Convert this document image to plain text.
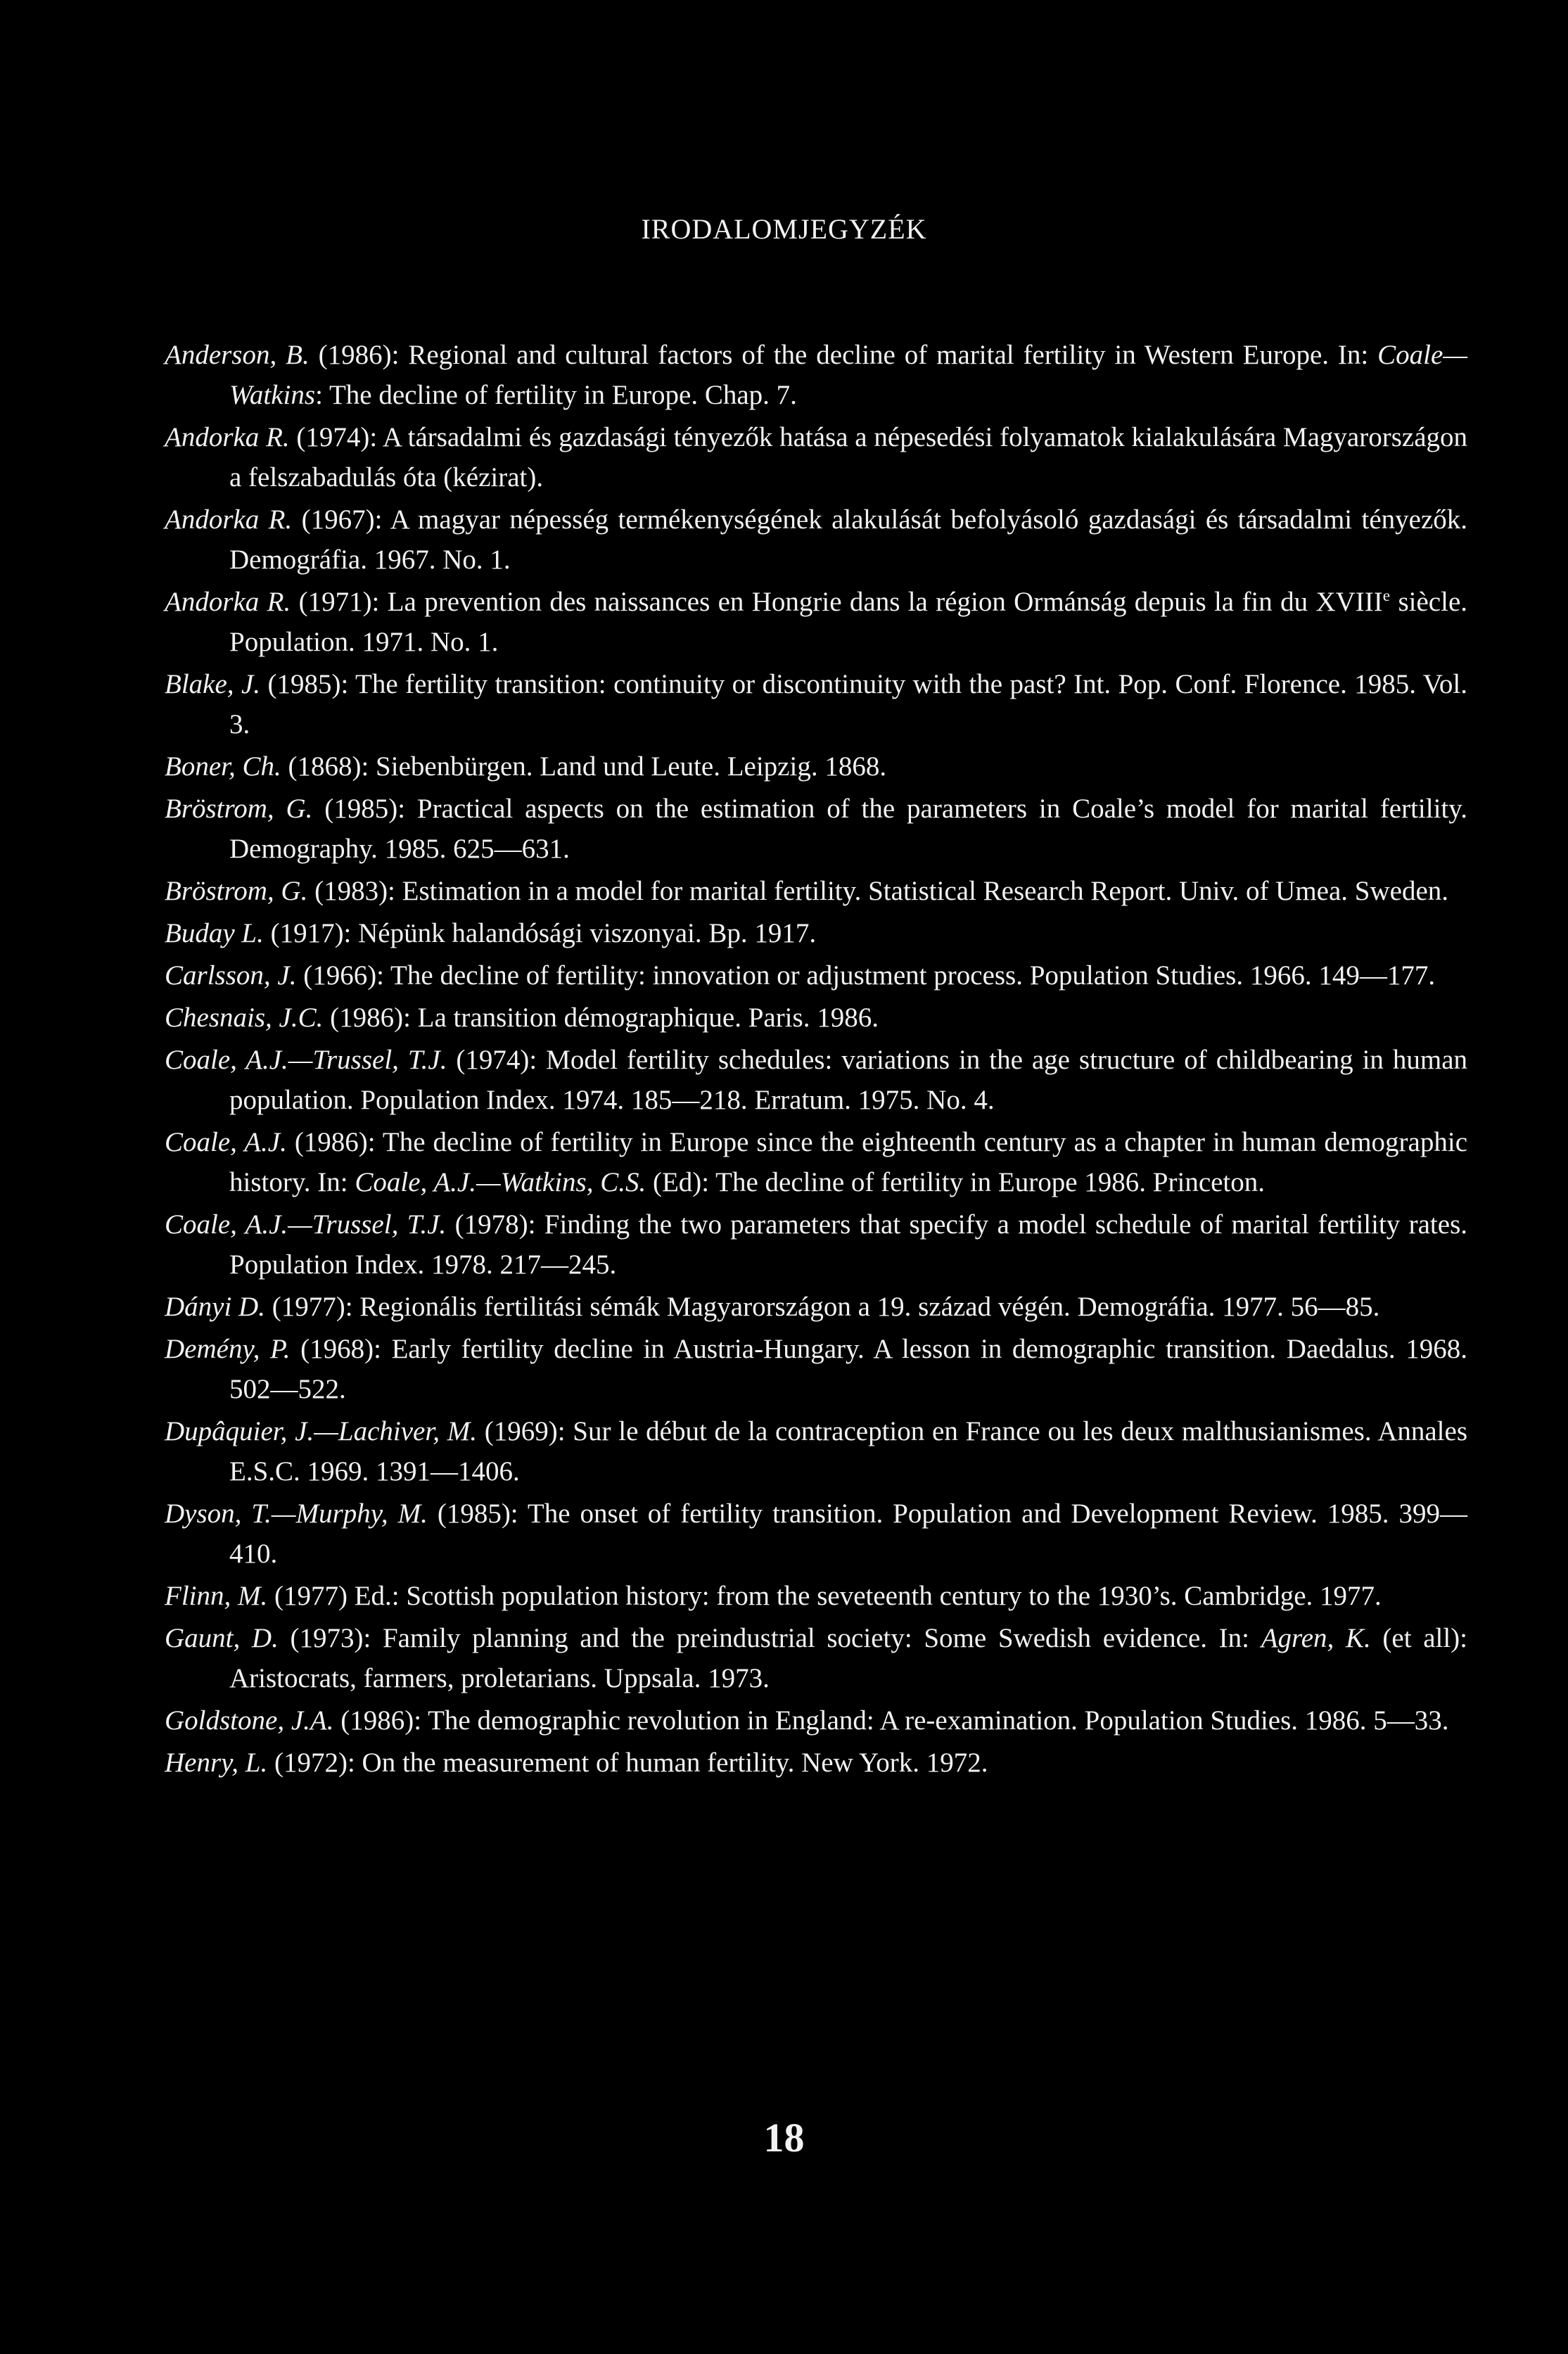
IRODALOMJEGYZÉK

Anderson, B. (1986): Regional and cultural factors of the decline of marital fertility in Western Europe. In: Coale—Watkins: The decline of fertility in Europe. Chap. 7.

Andorka R. (1974): A társadalmi és gazdasági tényezők hatása a népesedési folyamatok kialakulására Magyarországon a felszabadulás óta (kézirat).

Andorka R. (1967): A magyar népesség termékenységének alakulását befolyásoló gazdasági és társadalmi tényezők. Demográfia. 1967. No. 1.

Andorka R. (1971): La prevention des naissances en Hongrie dans la région Ormánság depuis la fin du XVIIIe siècle. Population. 1971. No. 1.

Blake, J. (1985): The fertility transition: continuity or discontinuity with the past? Int. Pop. Conf. Florence. 1985. Vol. 3.

Boner, Ch. (1868): Siebenbürgen. Land und Leute. Leipzig. 1868.

Bröstrom, G. (1985): Practical aspects on the estimation of the parameters in Coale’s model for marital fertility. Demography. 1985. 625—631.

Bröstrom, G. (1983): Estimation in a model for marital fertility. Statistical Research Report. Univ. of Umea. Sweden.

Buday L. (1917): Népünk halandósági viszonyai. Bp. 1917.

Carlsson, J. (1966): The decline of fertility: innovation or adjustment process. Population Studies. 1966. 149—177.

Chesnais, J.C. (1986): La transition démographique. Paris. 1986.

Coale, A.J.—Trussel, T.J. (1974): Model fertility schedules: variations in the age structure of childbearing in human population. Population Index. 1974. 185—218. Erratum. 1975. No. 4.

Coale, A.J. (1986): The decline of fertility in Europe since the eighteenth century as a chapter in human demographic history. In: Coale, A.J.—Watkins, C.S. (Ed): The decline of fertility in Europe 1986. Princeton.

Coale, A.J.—Trussel, T.J. (1978): Finding the two parameters that specify a model schedule of marital fertility rates. Population Index. 1978. 217—245.

Dányi D. (1977): Regionális fertilitási sémák Magyarországon a 19. század végén. Demográfia. 1977. 56—85.

Demény, P. (1968): Early fertility decline in Austria-Hungary. A lesson in demographic transition. Daedalus. 1968. 502—522.

Dupâquier, J.—Lachiver, M. (1969): Sur le début de la contraception en France ou les deux malthusianismes. Annales E.S.C. 1969. 1391—1406.

Dyson, T.—Murphy, M. (1985): The onset of fertility transition. Population and Development Review. 1985. 399—410.

Flinn, M. (1977) Ed.: Scottish population history: from the seveteenth century to the 1930’s. Cambridge. 1977.

Gaunt, D. (1973): Family planning and the preindustrial society: Some Swedish evidence. In: Agren, K. (et all): Aristocrats, farmers, proletarians. Uppsala. 1973.

Goldstone, J.A. (1986): The demographic revolution in England: A re-examination. Population Studies. 1986. 5—33.

Henry, L. (1972): On the measurement of human fertility. New York. 1972.

18
